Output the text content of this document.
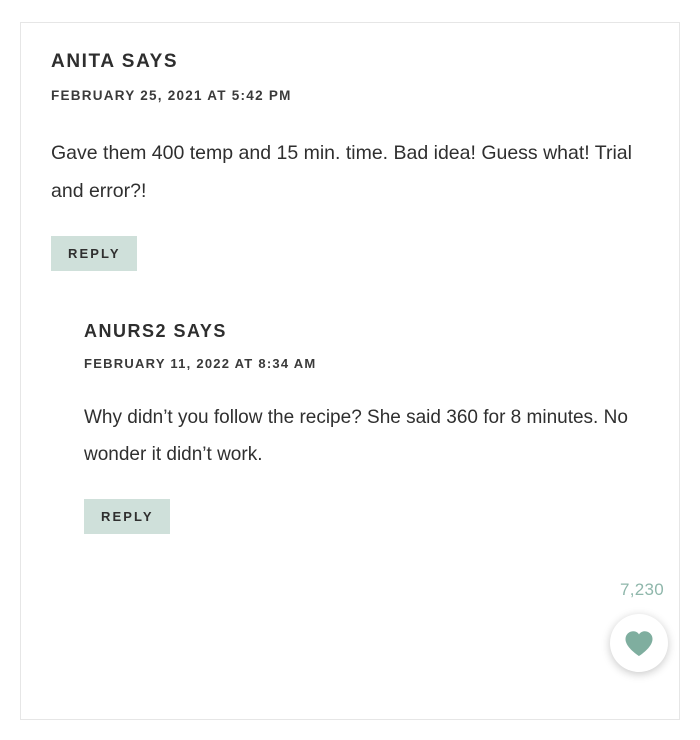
ANITA SAYS
FEBRUARY 25, 2021 AT 5:42 PM

Gave them 400 temp and 15 min. time. Bad idea! Guess what! Trial and error?!

REPLY
ANURS2 SAYS
FEBRUARY 11, 2022 AT 8:34 AM

Why didn’t you follow the recipe? She said 360 for 8 minutes. No wonder it didn’t work.

REPLY
7,230
